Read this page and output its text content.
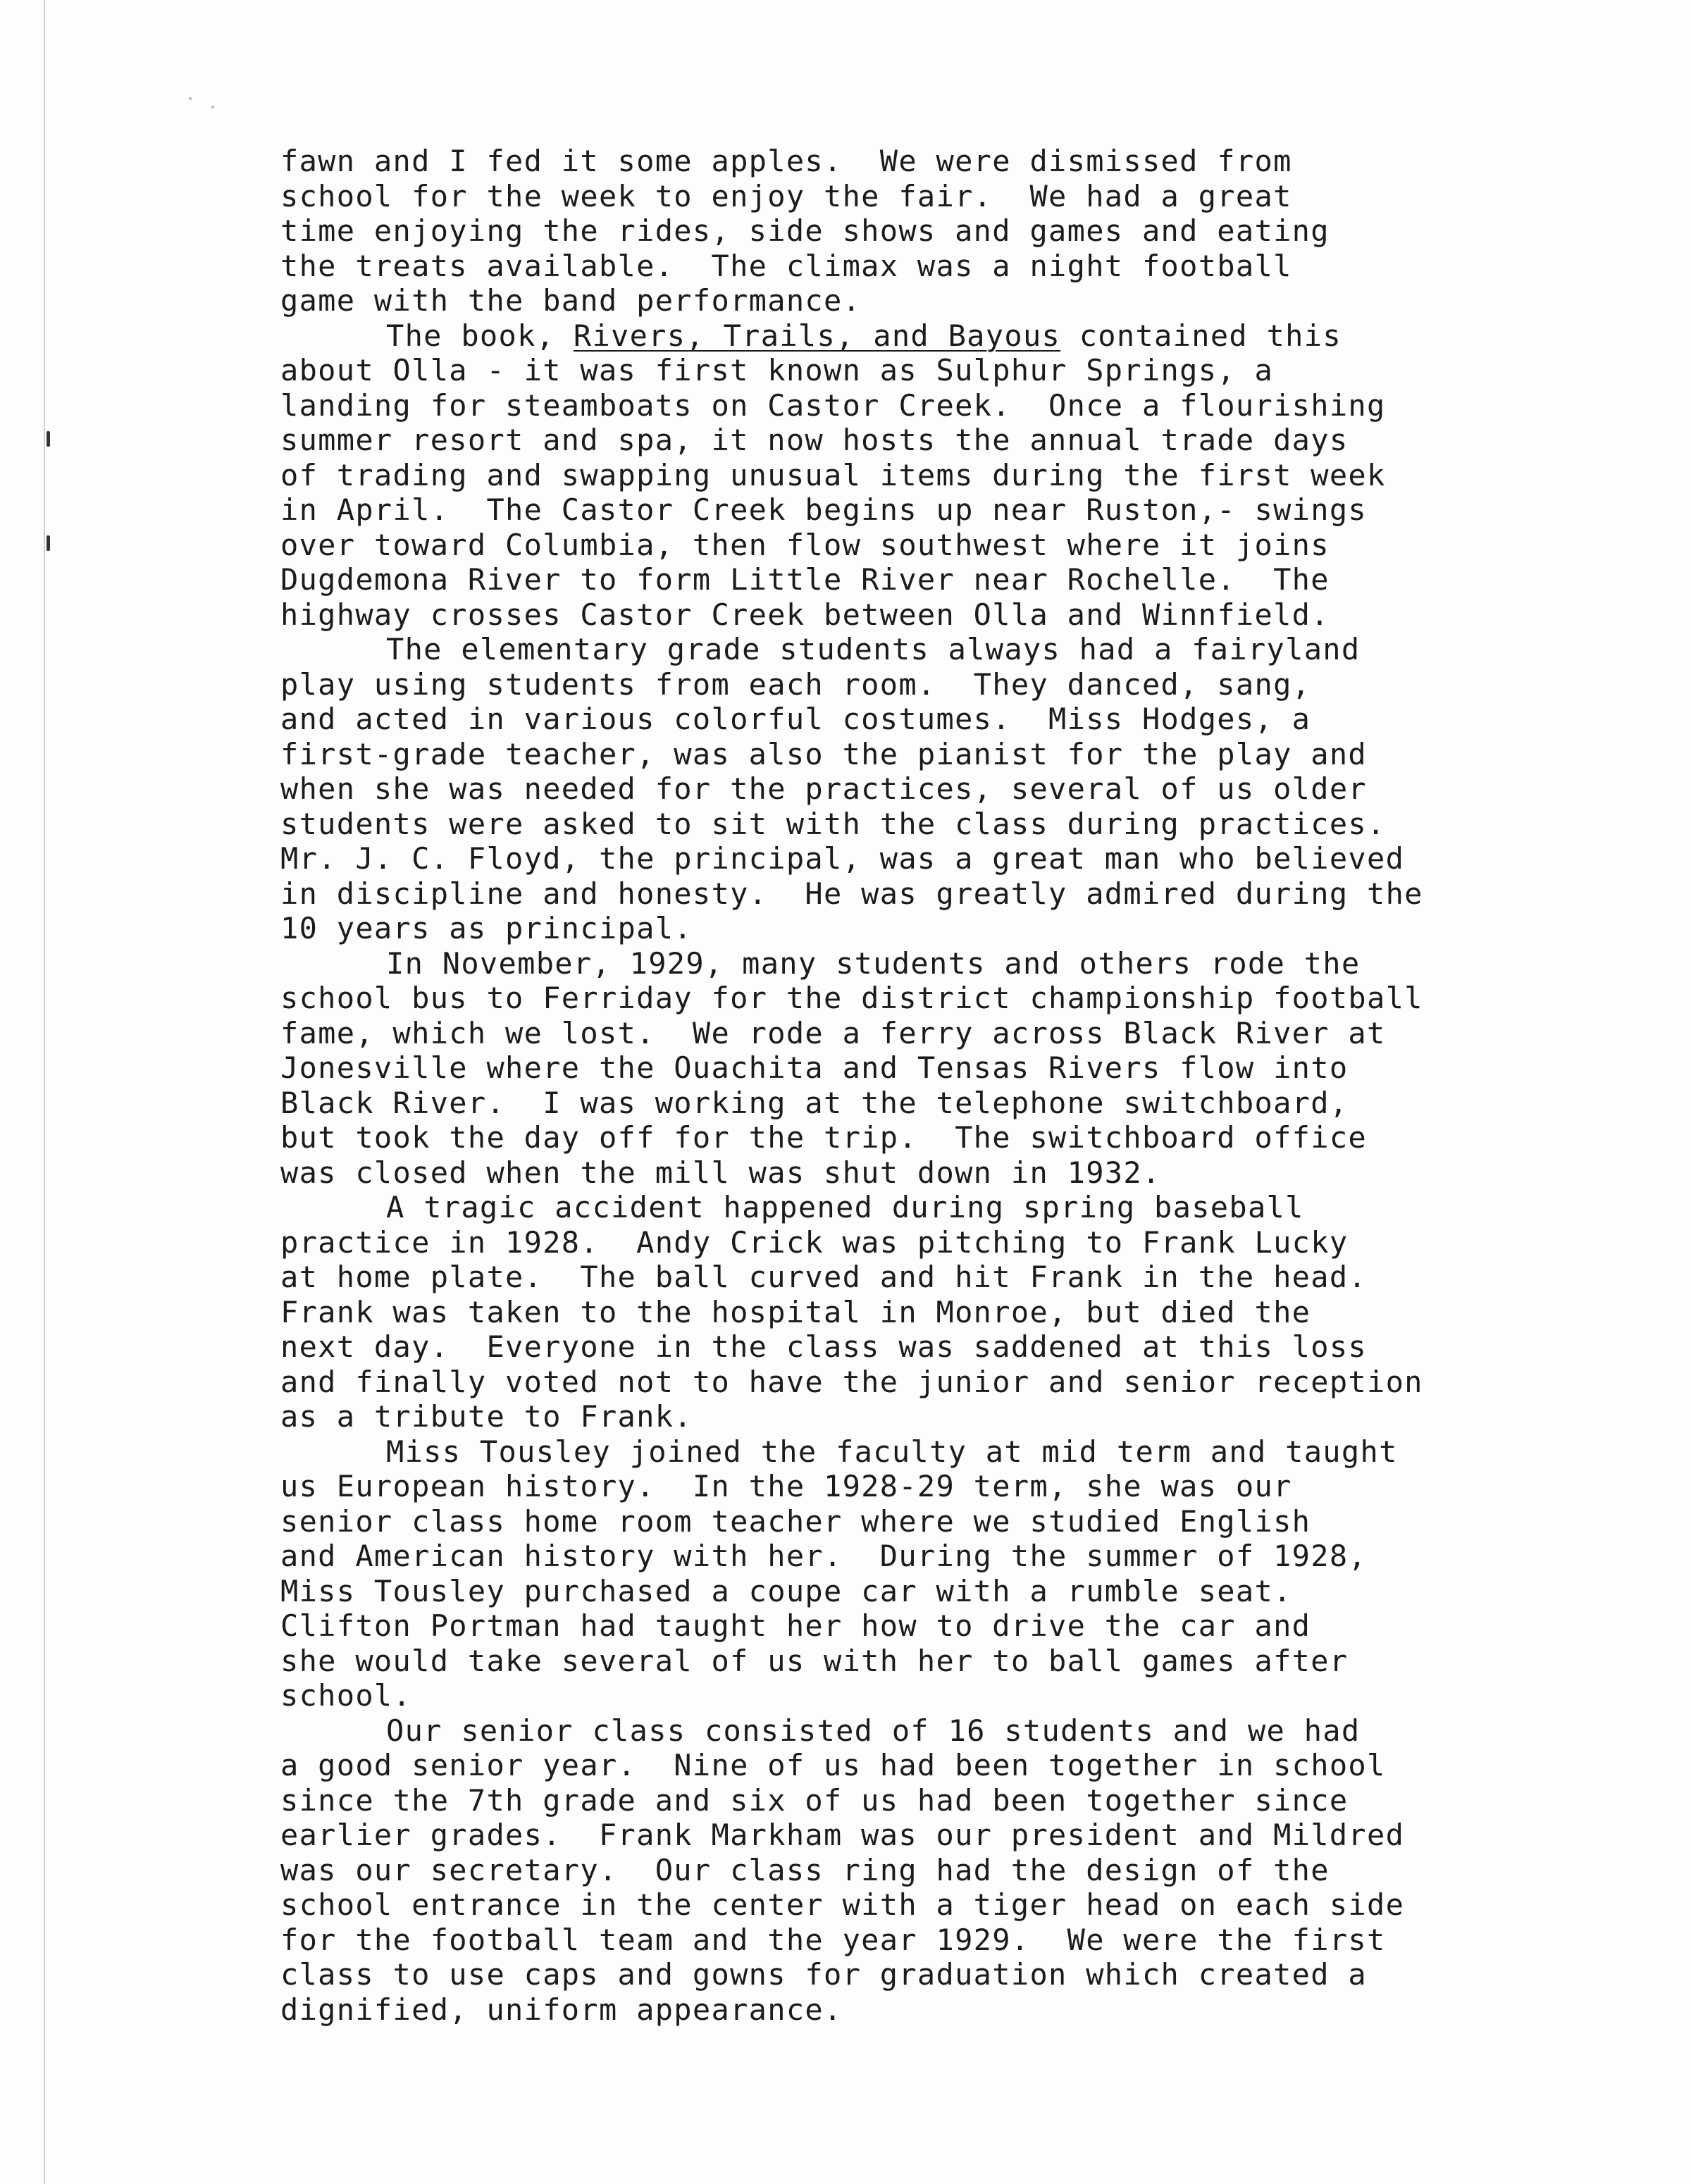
fawn and I fed it some apples.  We were dismissed from
school for the week to enjoy the fair.  We had a great
time enjoying the rides, side shows and games and eating
the treats available.  The climax was a night football
game with the band performance.
The book, Rivers, Trails, and Bayous contained this
about Olla - it was first known as Sulphur Springs, a
landing for steamboats on Castor Creek.  Once a flourishing
summer resort and spa, it now hosts the annual trade days
of trading and swapping unusual items during the first week
in April.  The Castor Creek begins up near Ruston,- swings
over toward Columbia, then flow southwest where it joins
Dugdemona River to form Little River near Rochelle.  The
highway crosses Castor Creek between Olla and Winnfield.
The elementary grade students always had a fairyland
play using students from each room.  They danced, sang,
and acted in various colorful costumes.  Miss Hodges, a
first-grade teacher, was also the pianist for the play and
when she was needed for the practices, several of us older
students were asked to sit with the class during practices.
Mr. J. C. Floyd, the principal, was a great man who believed
in discipline and honesty.  He was greatly admired during the
10 years as principal.
In November, 1929, many students and others rode the
school bus to Ferriday for the district championship football
fame, which we lost.  We rode a ferry across Black River at
Jonesville where the Ouachita and Tensas Rivers flow into
Black River.  I was working at the telephone switchboard,
but took the day off for the trip.  The switchboard office
was closed when the mill was shut down in 1932.
A tragic accident happened during spring baseball
practice in 1928.  Andy Crick was pitching to Frank Lucky
at home plate.  The ball curved and hit Frank in the head.
Frank was taken to the hospital in Monroe, but died the
next day.  Everyone in the class was saddened at this loss
and finally voted not to have the junior and senior reception
as a tribute to Frank.
Miss Tousley joined the faculty at mid term and taught
us European history.  In the 1928-29 term, she was our
senior class home room teacher where we studied English
and American history with her.  During the summer of 1928,
Miss Tousley purchased a coupe car with a rumble seat.
Clifton Portman had taught her how to drive the car and
she would take several of us with her to ball games after
school.
Our senior class consisted of 16 students and we had
a good senior year.  Nine of us had been together in school
since the 7th grade and six of us had been together since
earlier grades.  Frank Markham was our president and Mildred
was our secretary.  Our class ring had the design of the
school entrance in the center with a tiger head on each side
for the football team and the year 1929.  We were the first
class to use caps and gowns for graduation which created a
dignified, uniform appearance.
